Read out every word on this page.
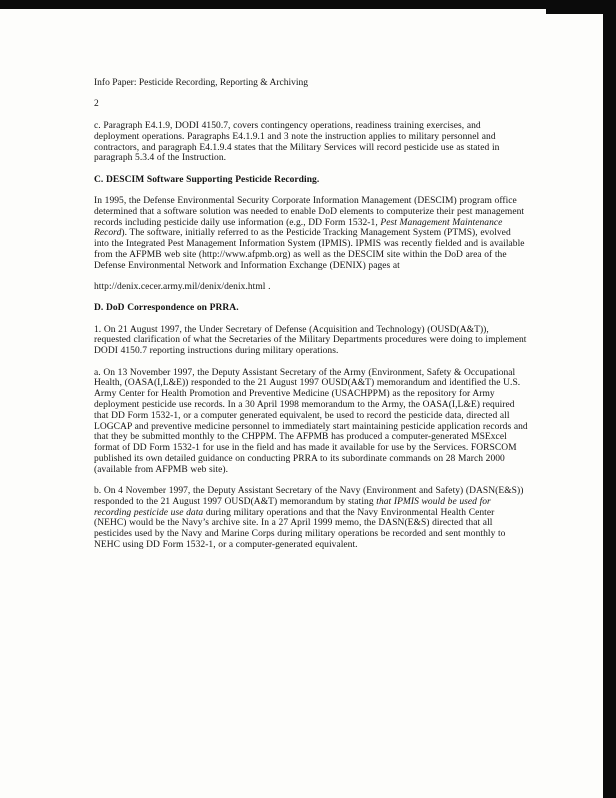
Info Paper: Pesticide Recording, Reporting & Archiving
2
c. Paragraph E4.1.9, DODI 4150.7, covers contingency operations, readiness training exercises, and deployment operations. Paragraphs E4.1.9.1 and 3 note the instruction applies to military personnel and contractors, and paragraph E4.1.9.4 states that the Military Services will record pesticide use as stated in paragraph 5.3.4 of the Instruction.
C. DESCIM Software Supporting Pesticide Recording.
In 1995, the Defense Environmental Security Corporate Information Management (DESCIM) program office determined that a software solution was needed to enable DoD elements to computerize their pest management records including pesticide daily use information (e.g., DD Form 1532-1, Pest Management Maintenance Record). The software, initially referred to as the Pesticide Tracking Management System (PTMS), evolved into the Integrated Pest Management Information System (IPMIS). IPMIS was recently fielded and is available from the AFPMB web site (http://www.afpmb.org) as well as the DESCIM site within the DoD area of the Defense Environmental Network and Information Exchange (DENIX) pages at
http://denix.cecer.army.mil/denix/denix.html .
D. DoD Correspondence on PRRA.
1. On 21 August 1997, the Under Secretary of Defense (Acquisition and Technology) (OUSD(A&T)), requested clarification of what the Secretaries of the Military Departments procedures were doing to implement DODI 4150.7 reporting instructions during military operations.
a. On 13 November 1997, the Deputy Assistant Secretary of the Army (Environment, Safety & Occupational Health, (OASA(I,L&E)) responded to the 21 August 1997 OUSD(A&T) memorandum and identified the U.S. Army Center for Health Promotion and Preventive Medicine (USACHPPM) as the repository for Army deployment pesticide use records. In a 30 April 1998 memorandum to the Army, the OASA(I,L&E) required that DD Form 1532-1, or a computer generated equivalent, be used to record the pesticide data, directed all LOGCAP and preventive medicine personnel to immediately start maintaining pesticide application records and that they be submitted monthly to the CHPPM. The AFPMB has produced a computer-generated MSExcel format of DD Form 1532-1 for use in the field and has made it available for use by the Services. FORSCOM published its own detailed guidance on conducting PRRA to its subordinate commands on 28 March 2000 (available from AFPMB web site).
b. On 4 November 1997, the Deputy Assistant Secretary of the Navy (Environment and Safety) (DASN(E&S)) responded to the 21 August 1997 OUSD(A&T) memorandum by stating that IPMIS would be used for recording pesticide use data during military operations and that the Navy Environmental Health Center (NEHC) would be the Navy’s archive site. In a 27 April 1999 memo, the DASN(E&S) directed that all pesticides used by the Navy and Marine Corps during military operations be recorded and sent monthly to NEHC using DD Form 1532-1, or a computer-generated equivalent.
